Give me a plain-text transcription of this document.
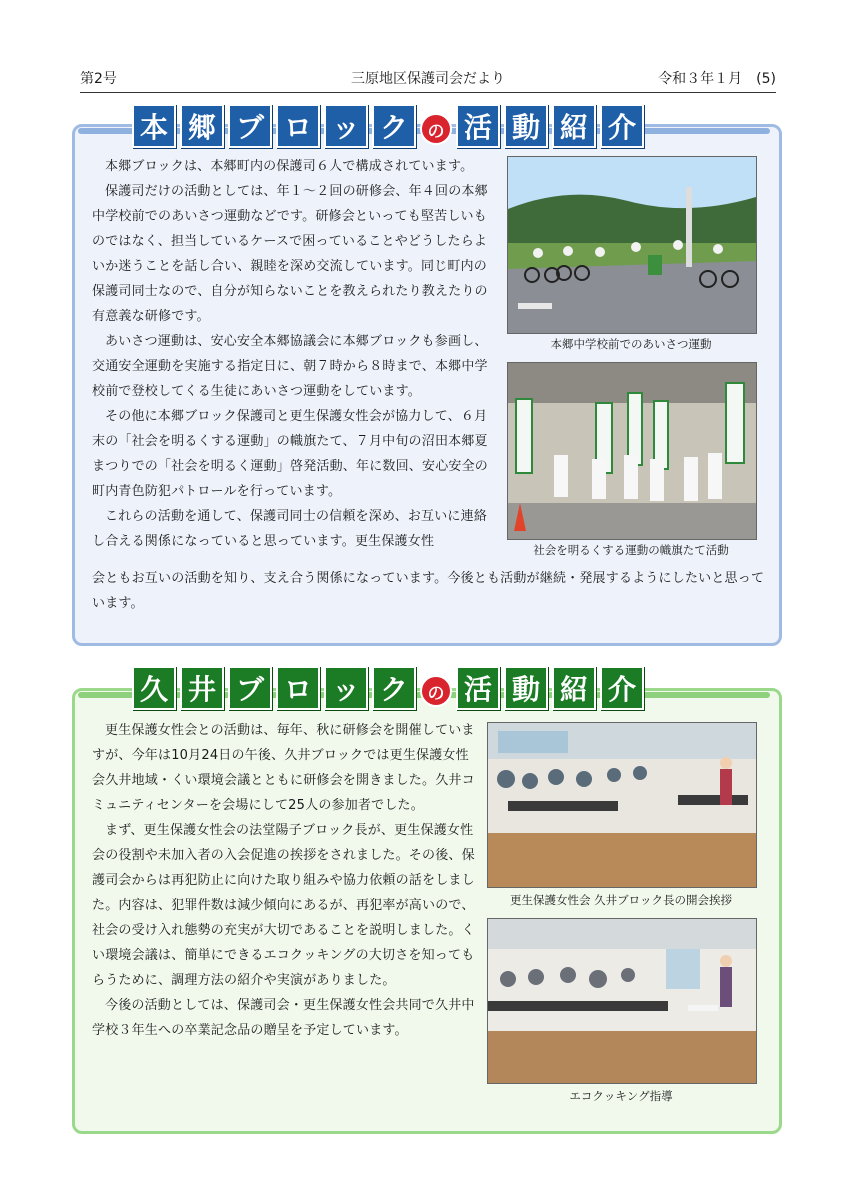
第2号	三原地区保護司会だより	令和３年１月　(5)
本 郷 ブ ロ ッ ク	の 活 動 紹 介

本郷ブロックは、本郷町内の保護司６人で構成されています。

保護司だけの活動としては、年１～２回の研修会、年４回の本郷中学校前でのあいさつ運動などです。研修会といっても堅苦しいものではなく、担当しているケースで困っていることやどうしたらよいか迷うことを話し合い、親睦を深め交流しています。同じ町内の保護司同士なので、自分が知らないことを教えられたり教えたりの有意義な研修です。

あいさつ運動は、安心安全本郷協議会に本郷ブロックも参画し、交通安全運動を実施する指定日に、朝７時から８時まで、本郷中学校前で登校してくる生徒にあいさつ運動をしています。

その他に本郷ブロック保護司と更生保護女性会が協力して、６月末の「社会を明るくする運動」の幟旗たて、７月中旬の沼田本郷夏まつりでの「社会を明るく運動」啓発活動、年に数回、安心安全の町内青色防犯パトロールを行っています。

これらの活動を通して、保護司同士の信頼を深め、お互いに連絡し合える関係になっていると思っています。更生保護女性

会ともお互いの活動を知り、支え合う関係になっています。今後とも活動が継続・発展するようにしたいと思っています。

本郷中学校前でのあいさつ運動
社会を明るくする運動の幟旗たて活動
久 井 ブ ロ ッ ク	の 活 動 紹 介

更生保護女性会との活動は、毎年、秋に研修会を開催していますが、今年は10月24日の午後、久井ブロックでは更生保護女性会久井地域・くい環境会議とともに研修会を開きました。久井コミュニティセンターを会場にして25人の参加者でした。

まず、更生保護女性会の法堂陽子ブロック長が、更生保護女性会の役割や未加入者の入会促進の挨拶をされました。その後、保護司会からは再犯防止に向けた取り組みや協力依頼の話をしました。内容は、犯罪件数は減少傾向にあるが、再犯率が高いので、社会の受け入れ態勢の充実が大切であることを説明しました。くい環境会議は、簡単にできるエコクッキングの大切さを知ってもらうために、調理方法の紹介や実演がありました。

今後の活動としては、保護司会・更生保護女性会共同で久井中学校３年生への卒業記念品の贈呈を予定しています。

更生保護女性会 久井ブロック長の開会挨拶
エコクッキング指導
